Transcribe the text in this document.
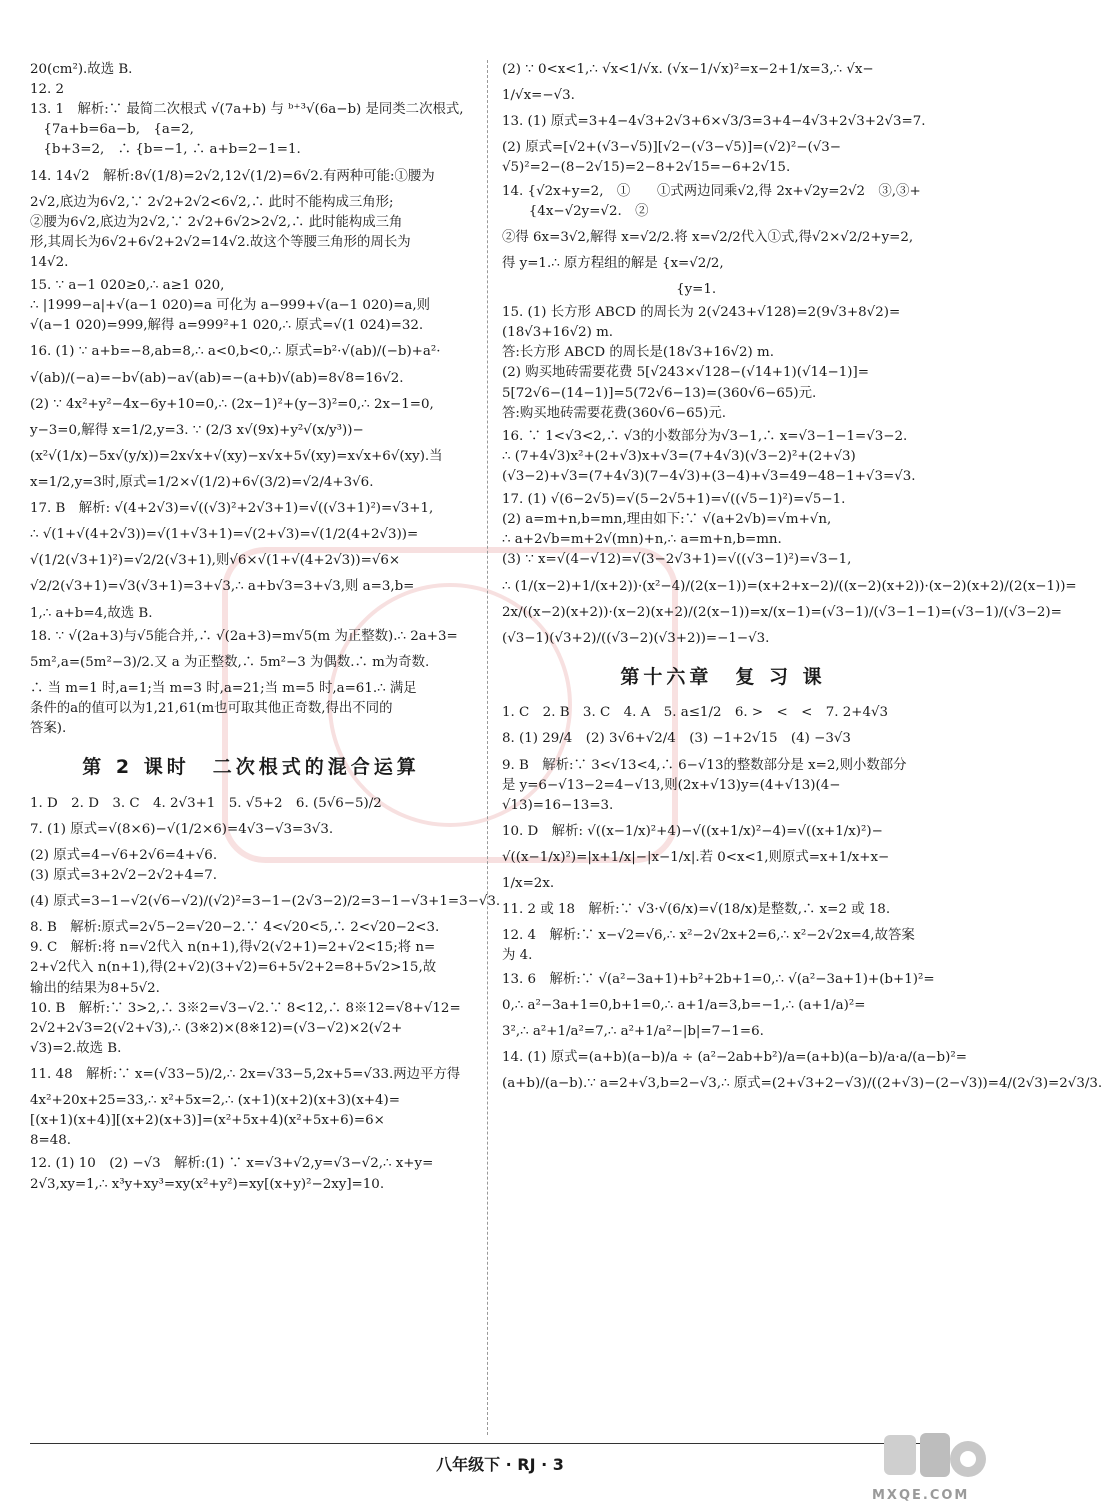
20(cm²).故选 B.
12. 2
13. 1　解析:∵ 最简二次根式 √(7a+b) 与 ᵇ⁺³√(6a−b) 是同类二次根式,
　{7a+b=6a−b,　{a=2,
　{b+3=2,　∴ {b=−1, ∴ a+b=2−1=1.
14. 14√2　解析:8√(1/8)=2√2,12√(1/2)=6√2.有两种可能:①腰为
2√2,底边为6√2,∵ 2√2+2√2<6√2,∴ 此时不能构成三角形;
②腰为6√2,底边为2√2,∵ 2√2+6√2>2√2,∴ 此时能构成三角
形,其周长为6√2+6√2+2√2=14√2.故这个等腰三角形的周长为
14√2.
15. ∵ a−1 020≥0,∴ a≥1 020,
∴ |1999−a|+√(a−1 020)=a 可化为 a−999+√(a−1 020)=a,则
√(a−1 020)=999,解得 a=999²+1 020,∴ 原式=√(1 024)=32.
16. (1) ∵ a+b=−8,ab=8,∴ a<0,b<0,∴ 原式=b²·√(ab)/(−b)+a²·
√(ab)/(−a)=−b√(ab)−a√(ab)=−(a+b)√(ab)=8√8=16√2.
(2) ∵ 4x²+y²−4x−6y+10=0,∴ (2x−1)²+(y−3)²=0,∴ 2x−1=0,
y−3=0,解得 x=1/2,y=3. ∵ (2/3 x√(9x)+y²√(x/y³))−
(x²√(1/x)−5x√(y/x))=2x√x+√(xy)−x√x+5√(xy)=x√x+6√(xy).当
x=1/2,y=3时,原式=1/2×√(1/2)+6√(3/2)=√2/4+3√6.
17. B　解析: √(4+2√3)=√((√3)²+2√3+1)=√((√3+1)²)=√3+1,
∴ √(1+√(4+2√3))=√(1+√3+1)=√(2+√3)=√(1/2(4+2√3))=
√(1/2(√3+1)²)=√2/2(√3+1),则√6×√(1+√(4+2√3))=√6×
√2/2(√3+1)=√3(√3+1)=3+√3,∴ a+b√3=3+√3,则 a=3,b=
1,∴ a+b=4,故选 B.
18. ∵ √(2a+3)与√5能合并,∴ √(2a+3)=m√5(m 为正整数).∴ 2a+3=
5m²,a=(5m²−3)/2.又 a 为正整数,∴ 5m²−3 为偶数.∴ m为奇数.
∴ 当 m=1 时,a=1;当 m=3 时,a=21;当 m=5 时,a=61.∴ 满足
条件的a的值可以为1,21,61(m也可取其他正奇数,得出不同的
答案).
第 2 课时　二次根式的混合运算
1. D　2. D　3. C　4. 2√3+1　5. √5+2　6. (5√6−5)/2
7. (1) 原式=√(8×6)−√(1/2×6)=4√3−√3=3√3.
(2) 原式=4−√6+2√6=4+√6.
(3) 原式=3+2√2−2√2+4=7.
(4) 原式=3−1−√2(√6−√2)/(√2)²=3−1−(2√3−2)/2=3−1−√3+1=3−√3.
8. B　解析:原式=2√5−2=√20−2.∵ 4<√20<5,∴ 2<√20−2<3.
9. C　解析:将 n=√2代入 n(n+1),得√2(√2+1)=2+√2<15;将 n=
2+√2代入 n(n+1),得(2+√2)(3+√2)=6+5√2+2=8+5√2>15,故
输出的结果为8+5√2.
10. B　解析:∵ 3>2,∴ 3※2=√3−√2.∵ 8<12,∴ 8※12=√8+√12=
2√2+2√3=2(√2+√3),∴ (3※2)×(8※12)=(√3−√2)×2(√2+
√3)=2.故选 B.
11. 48　解析:∵ x=(√33−5)/2,∴ 2x=√33−5,2x+5=√33.两边平方得
4x²+20x+25=33,∴ x²+5x=2,∴ (x+1)(x+2)(x+3)(x+4)=
[(x+1)(x+4)][(x+2)(x+3)]=(x²+5x+4)(x²+5x+6)=6×
8=48.
12. (1) 10　(2) −√3　解析:(1) ∵ x=√3+√2,y=√3−√2,∴ x+y=
2√3,xy=1,∴ x³y+xy³=xy(x²+y²)=xy[(x+y)²−2xy]=10.
(2) ∵ 0<x<1,∴ √x<1/√x. (√x−1/√x)²=x−2+1/x=3,∴ √x−
1/√x=−√3.
13. (1) 原式=3+4−4√3+2√3+6×√3/3=3+4−4√3+2√3+2√3=7.
(2) 原式=[√2+(√3−√5)][√2−(√3−√5)]=(√2)²−(√3−
√5)²=2−(8−2√15)=2−8+2√15=−6+2√15.
14. {√2x+y=2,　①　　①式两边同乘√2,得 2x+√2y=2√2　③,③+
　　{4x−√2y=√2.　②
②得 6x=3√2,解得 x=√2/2.将 x=√2/2代入①式,得√2×√2/2+y=2,
得 y=1.∴ 原方程组的解是 {x=√2/2,
　　　　　　　　　　　　　{y=1.
15. (1) 长方形 ABCD 的周长为 2(√243+√128)=2(9√3+8√2)=
(18√3+16√2) m.
答:长方形 ABCD 的周长是(18√3+16√2) m.
(2) 购买地砖需要花费 5[√243×√128−(√14+1)(√14−1)]=
5[72√6−(14−1)]=5(72√6−13)=(360√6−65)元.
答:购买地砖需要花费(360√6−65)元.
16. ∵ 1<√3<2,∴ √3的小数部分为√3−1,∴ x=√3−1−1=√3−2.
∴ (7+4√3)x²+(2+√3)x+√3=(7+4√3)(√3−2)²+(2+√3)
(√3−2)+√3=(7+4√3)(7−4√3)+(3−4)+√3=49−48−1+√3=√3.
17. (1) √(6−2√5)=√(5−2√5+1)=√((√5−1)²)=√5−1.
(2) a=m+n,b=mn,理由如下:∵ √(a+2√b)=√m+√n,
∴ a+2√b=m+2√(mn)+n,∴ a=m+n,b=mn.
(3) ∵ x=√(4−√12)=√(3−2√3+1)=√((√3−1)²)=√3−1,
∴ (1/(x−2)+1/(x+2))·(x²−4)/(2(x−1))=(x+2+x−2)/((x−2)(x+2))·(x−2)(x+2)/(2(x−1))=
2x/((x−2)(x+2))·(x−2)(x+2)/(2(x−1))=x/(x−1)=(√3−1)/(√3−1−1)=(√3−1)/(√3−2)=
(√3−1)(√3+2)/((√3−2)(√3+2))=−1−√3.
第十六章　复 习 课
1. C　2. B　3. C　4. A　5. a≤1/2　6. >　<　<　7. 2+4√3
8. (1) 29/4　(2) 3√6+√2/4　(3) −1+2√15　(4) −3√3
9. B　解析:∵ 3<√13<4,∴ 6−√13的整数部分是 x=2,则小数部分
是 y=6−√13−2=4−√13,则(2x+√13)y=(4+√13)(4−
√13)=16−13=3.
10. D　解析: √((x−1/x)²+4)−√((x+1/x)²−4)=√((x+1/x)²)−
√((x−1/x)²)=|x+1/x|−|x−1/x|.若 0<x<1,则原式=x+1/x+x−
1/x=2x.
11. 2 或 18　解析:∵ √3·√(6/x)=√(18/x)是整数,∴ x=2 或 18.
12. 4　解析:∵ x−√2=√6,∴ x²−2√2x+2=6,∴ x²−2√2x=4,故答案
为 4.
13. 6　解析:∵ √(a²−3a+1)+b²+2b+1=0,∴ √(a²−3a+1)+(b+1)²=
0,∴ a²−3a+1=0,b+1=0,∴ a+1/a=3,b=−1,∴ (a+1/a)²=
3²,∴ a²+1/a²=7,∴ a²+1/a²−|b|=7−1=6.
14. (1) 原式=(a+b)(a−b)/a ÷ (a²−2ab+b²)/a=(a+b)(a−b)/a·a/(a−b)²=
(a+b)/(a−b).∵ a=2+√3,b=2−√3,∴ 原式=(2+√3+2−√3)/((2+√3)−(2−√3))=4/(2√3)=2√3/3.
八年级下 · RJ · 3
MXQE.COM
